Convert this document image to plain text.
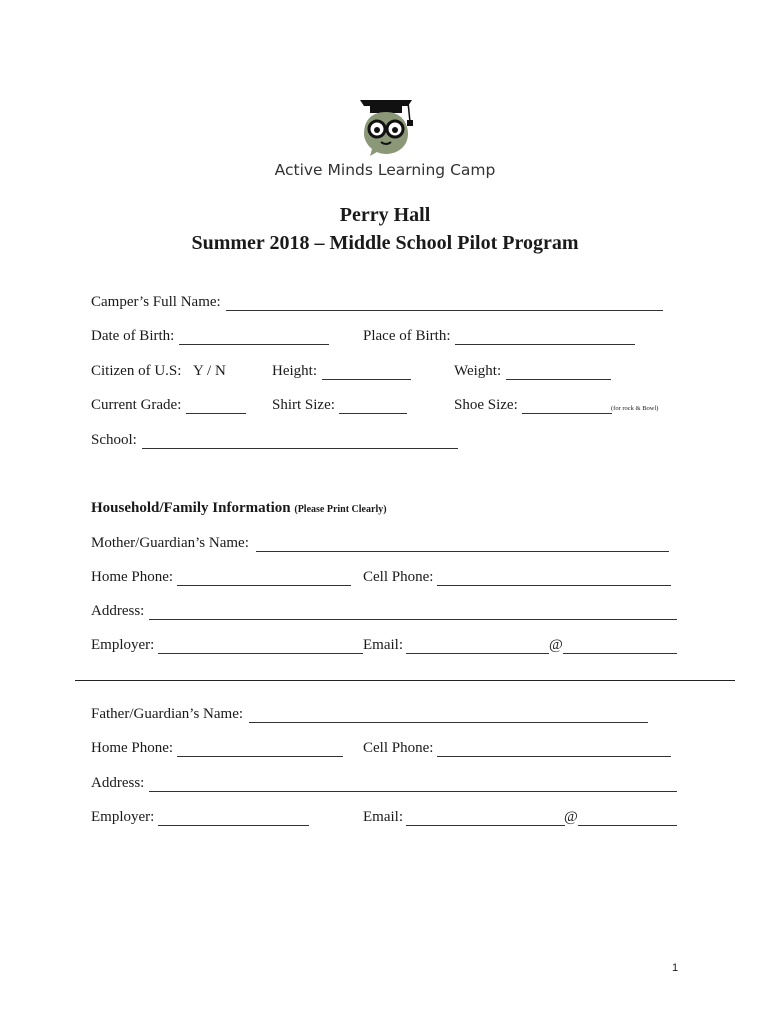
Active Minds Learning Camp
Perry Hall
Summer 2018 – Middle School Pilot Program
Camper’s Full Name:
Date of Birth:	Place of Birth:
Citizen of U.S: Y / N	Height:	Weight:
Current Grade:	Shirt Size:	Shoe Size:	(for rock & Bowl)
School:
Household/Family Information (Please Print Clearly)
Mother/Guardian’s Name:
Home Phone:	Cell Phone:
Address:
Employer:	Email:	@
Father/Guardian’s Name:
Home Phone:	Cell Phone:
Address:
Employer:	Email:	@
1
